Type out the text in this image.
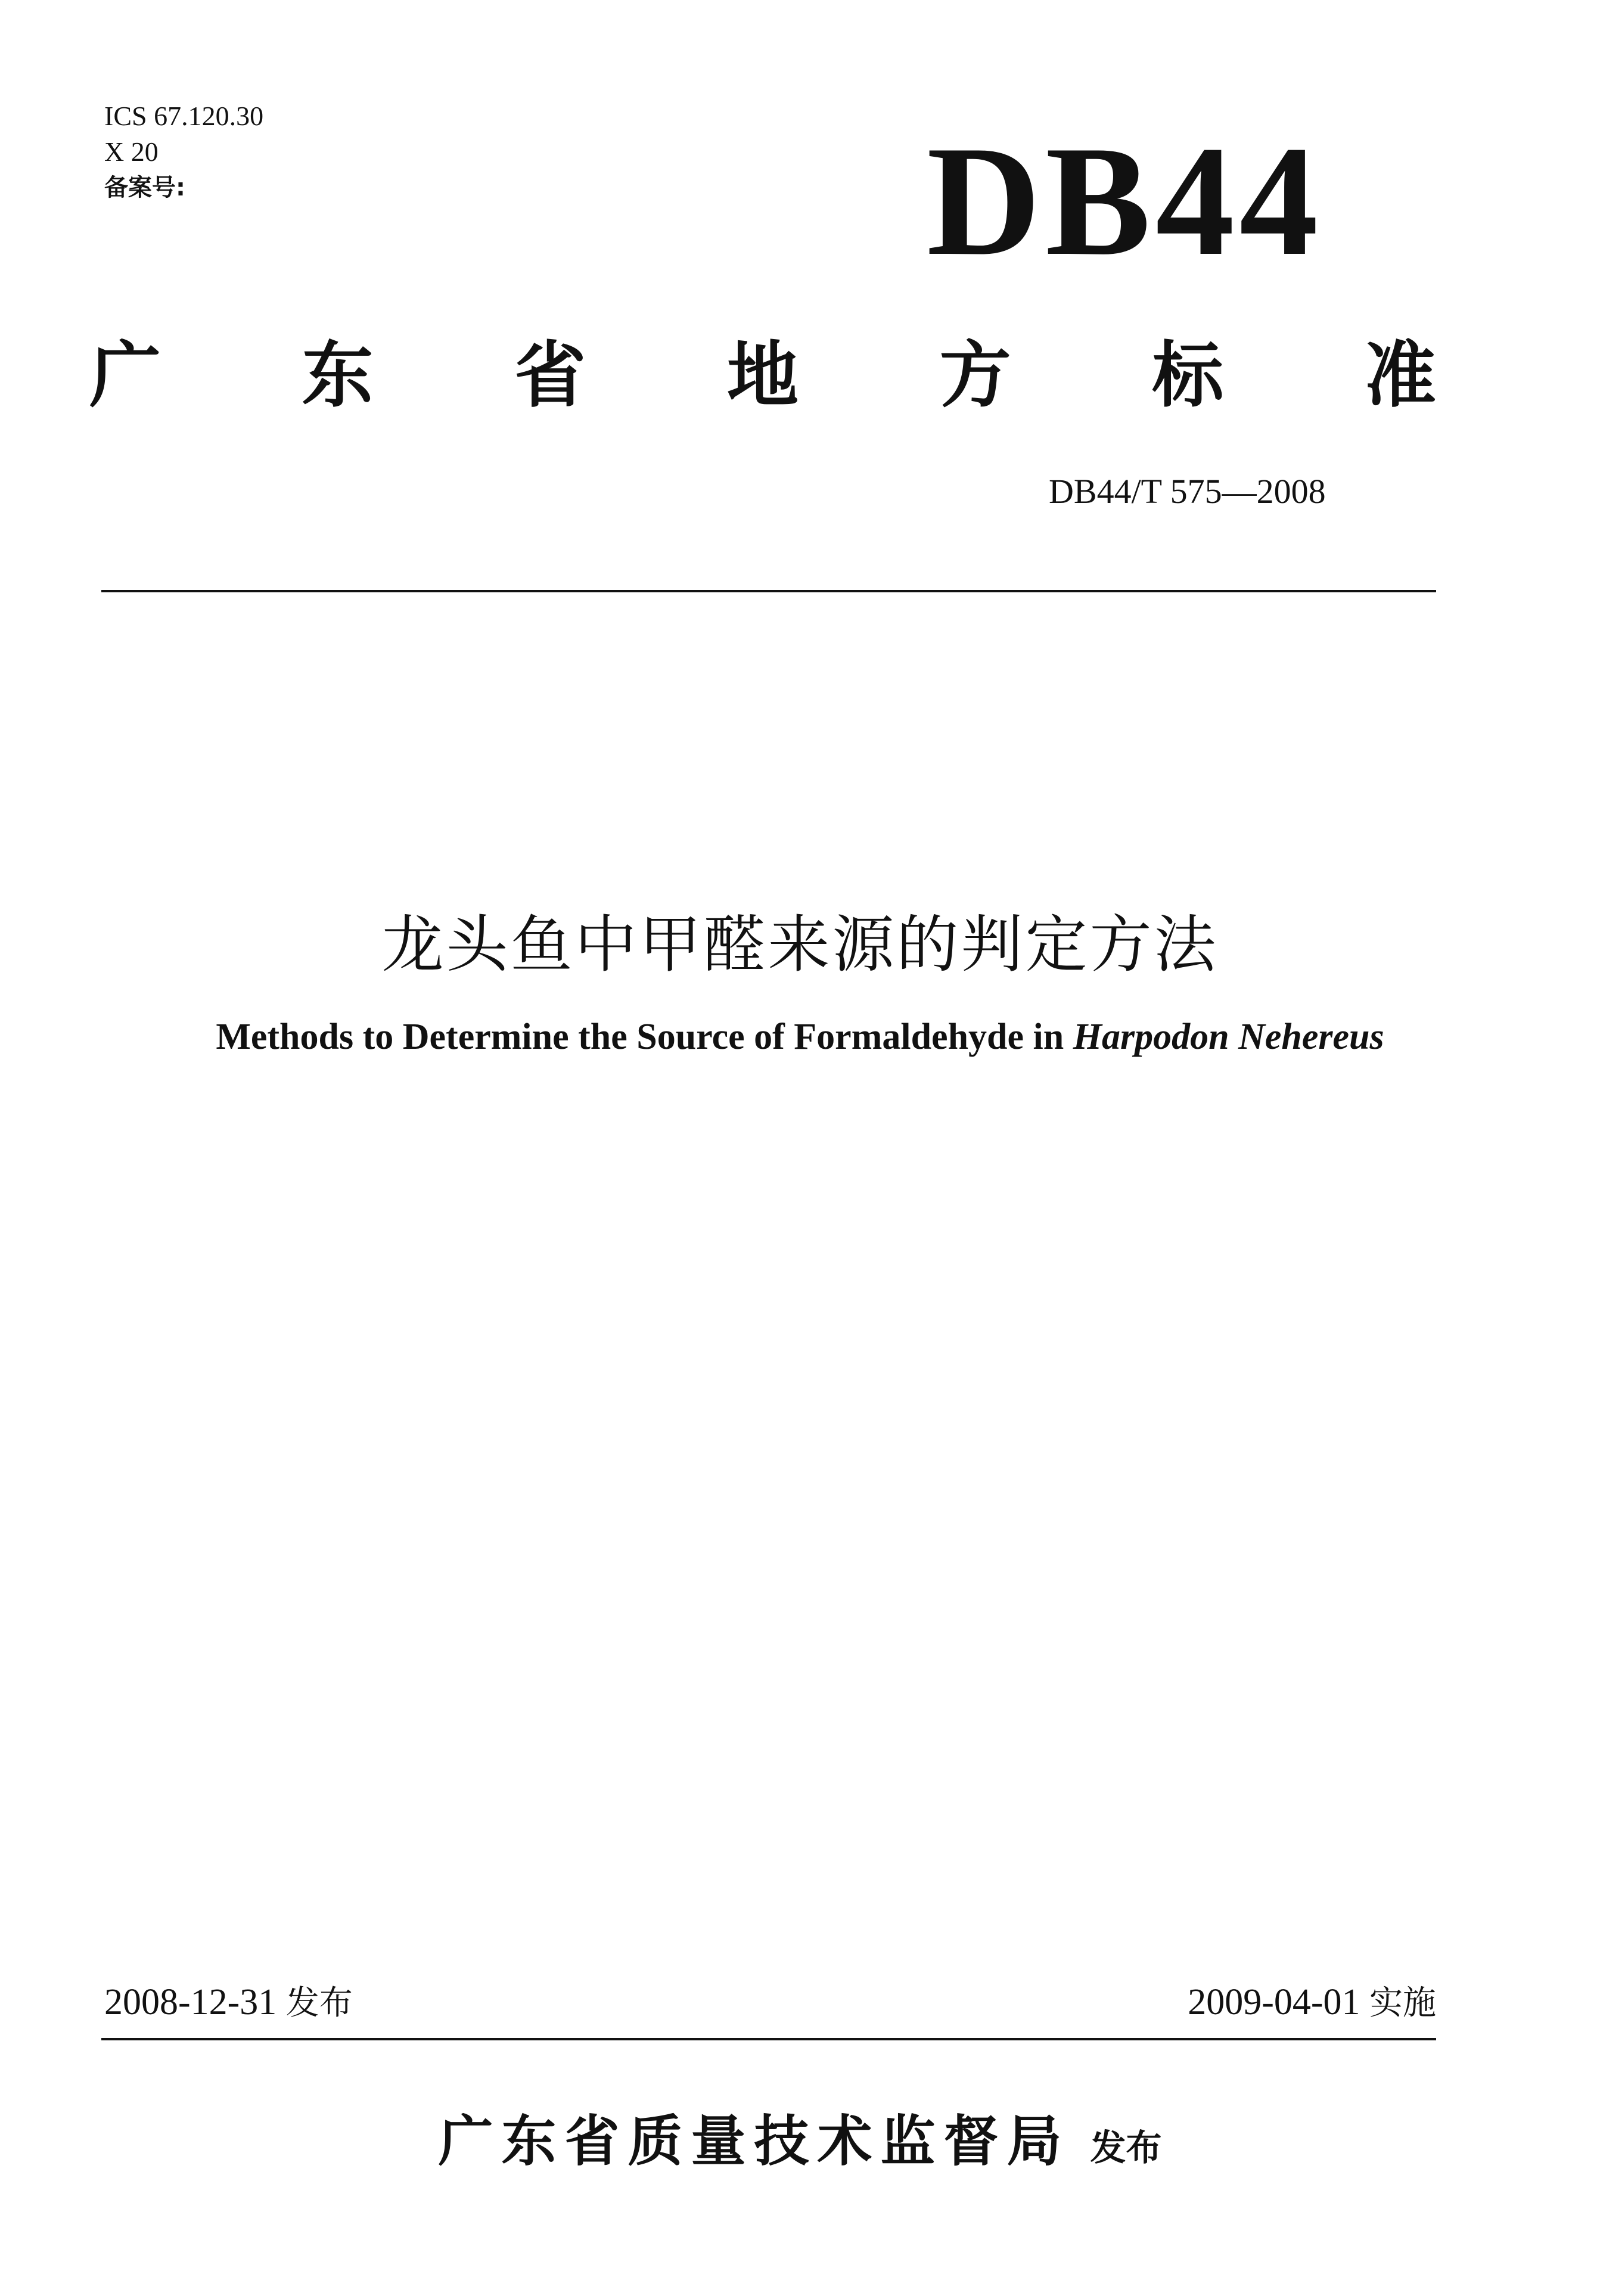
ICS 67.120.30
X 20
备案号:	DB44
广 东 省 地 方 标 准
DB44/T 575—2008
龙头鱼中甲醛来源的判定方法
Methods to Determine the Source of Formaldehyde in Harpodon Nehereus
2008-12-31 发布	2009-04-01 实施
广东省质量技术监督局 发布
